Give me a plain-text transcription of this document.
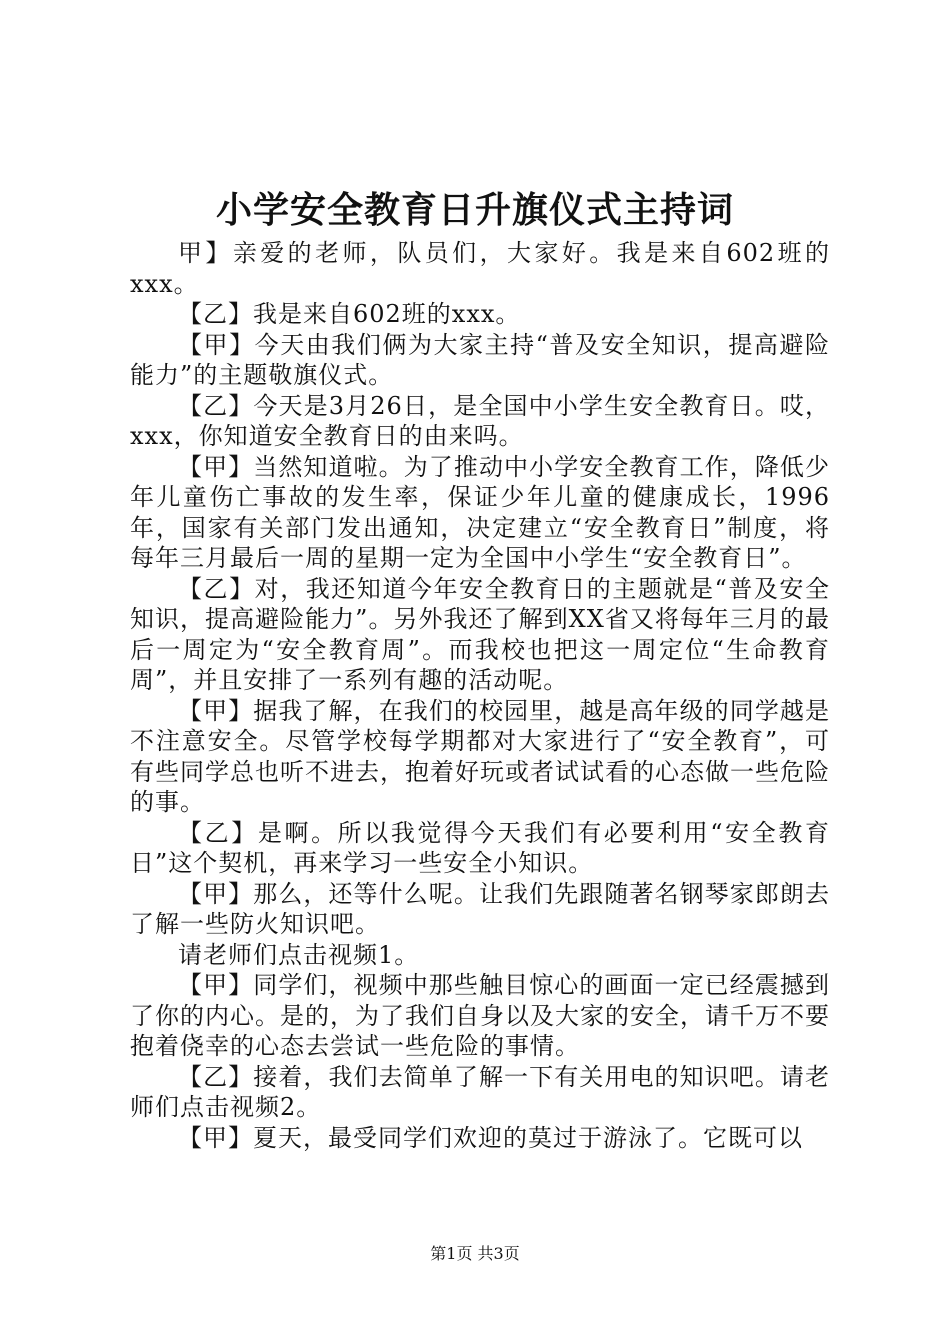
小学安全教育日升旗仪式主持词

甲】亲爱的老师，队员们，大家好。我是来自602班的xxx。

【乙】我是来自602班的xxx。

【甲】今天由我们俩为大家主持“普及安全知识，提高避险能力”的主题敬旗仪式。

【乙】今天是3月26日，是全国中小学生安全教育日。哎，xxx，你知道安全教育日的由来吗。

【甲】当然知道啦。为了推动中小学安全教育工作，降低少年儿童伤亡事故的发生率，保证少年儿童的健康成长，1996年，国家有关部门发出通知，决定建立“安全教育日”制度，将每年三月最后一周的星期一定为全国中小学生“安全教育日”。

【乙】对，我还知道今年安全教育日的主题就是“普及安全知识，提高避险能力”。另外我还了解到XX省又将每年三月的最后一周定为“安全教育周”。而我校也把这一周定位“生命教育周”，并且安排了一系列有趣的活动呢。

【甲】据我了解，在我们的校园里，越是高年级的同学越是不注意安全。尽管学校每学期都对大家进行了“安全教育”，可有些同学总也听不进去，抱着好玩或者试试看的心态做一些危险的事。

【乙】是啊。所以我觉得今天我们有必要利用“安全教育日”这个契机，再来学习一些安全小知识。

【甲】那么，还等什么呢。让我们先跟随著名钢琴家郎朗去了解一些防火知识吧。

请老师们点击视频1。

【甲】同学们，视频中那些触目惊心的画面一定已经震撼到了你的内心。是的，为了我们自身以及大家的安全，请千万不要抱着侥幸的心态去尝试一些危险的事情。

【乙】接着，我们去简单了解一下有关用电的知识吧。请老师们点击视频2。

【甲】夏天，最受同学们欢迎的莫过于游泳了。它既可以

第1页 共3页
